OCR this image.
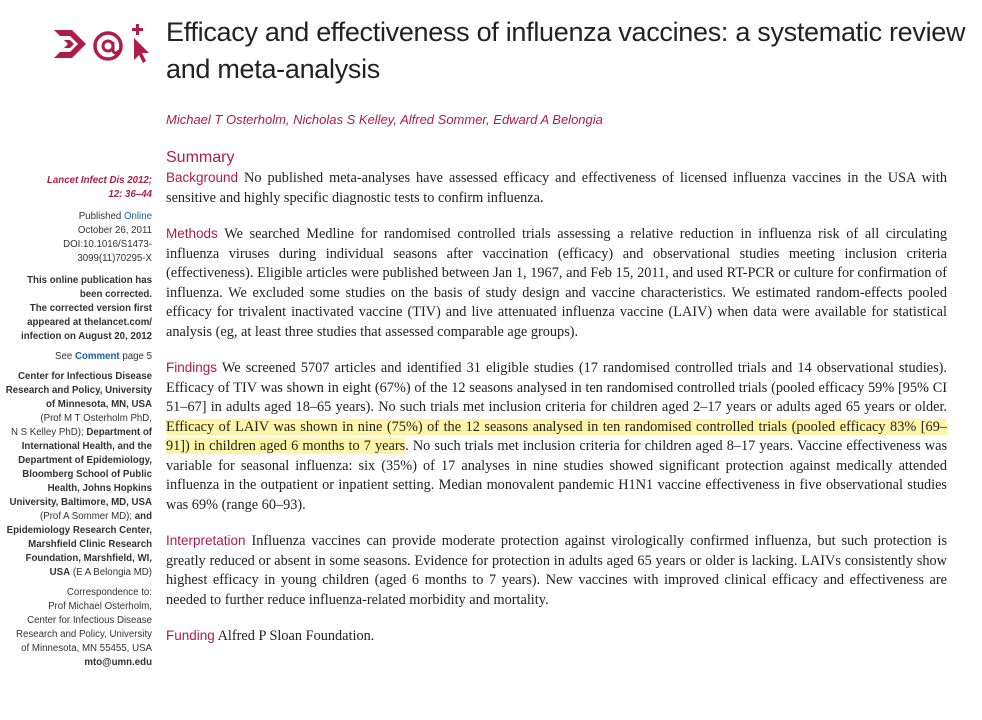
Efficacy and effectiveness of influenza vaccines: a systematic review and meta-analysis

Michael T Osterholm, Nicholas S Kelley, Alfred Sommer, Edward A Belongia

Lancet Infect Dis 2012;
12: 36–44
Published Online
October 26, 2011
DOI:10.1016/S1473-
3099(11)70295-X
This online publication has
been corrected.
The corrected version first
appeared at thelancet.com/
infection on August 20, 2012
See Comment page 5
Center for Infectious Disease
Research and Policy, University
of Minnesota, MN, USA
(Prof M T Osterholm PhD,
N S Kelley PhD); Department of
International Health, and the
Department of Epidemiology,
Bloomberg School of Public
Health, Johns Hopkins
University, Baltimore, MD, USA
(Prof A Sommer MD); and
Epidemiology Research Center,
Marshfield Clinic Research
Foundation, Marshfield, WI,
USA (E A Belongia MD)
Correspondence to:
Prof Michael Osterholm,
Center for Infectious Disease
Research and Policy, University
of Minnesota, MN 55455, USA
mto@umn.edu
Summary

Background No published meta-analyses have assessed efficacy and effectiveness of licensed influenza vaccines in the USA with sensitive and highly specific diagnostic tests to confirm influenza.

Methods We searched Medline for randomised controlled trials assessing a relative reduction in influenza risk of all circulating influenza viruses during individual seasons after vaccination (efficacy) and observational studies meeting inclusion criteria (effectiveness). Eligible articles were published between Jan 1, 1967, and Feb 15, 2011, and used RT-PCR or culture for confirmation of influenza. We excluded some studies on the basis of study design and vaccine characteristics. We estimated random-effects pooled efficacy for trivalent inactivated vaccine (TIV) and live attenuated influenza vaccine (LAIV) when data were available for statistical analysis (eg, at least three studies that assessed comparable age groups).

Findings We screened 5707 articles and identified 31 eligible studies (17 randomised controlled trials and 14 observational studies). Efficacy of TIV was shown in eight (67%) of the 12 seasons analysed in ten randomised controlled trials (pooled efficacy 59% [95% CI 51–67] in adults aged 18–65 years). No such trials met inclusion criteria for children aged 2–17 years or adults aged 65 years or older. Efficacy of LAIV was shown in nine (75%) of the 12 seasons analysed in ten randomised controlled trials (pooled efficacy 83% [69–91]) in children aged 6 months to 7 years. No such trials met inclusion criteria for children aged 8–17 years. Vaccine effectiveness was variable for seasonal influenza: six (35%) of 17 analyses in nine studies showed significant protection against medically attended influenza in the outpatient or inpatient setting. Median monovalent pandemic H1N1 vaccine effectiveness in five observational studies was 69% (range 60–93).

Interpretation Influenza vaccines can provide moderate protection against virologically confirmed influenza, but such protection is greatly reduced or absent in some seasons. Evidence for protection in adults aged 65 years or older is lacking. LAIVs consistently show highest efficacy in young children (aged 6 months to 7 years). New vaccines with improved clinical efficacy and effectiveness are needed to further reduce influenza-related morbidity and mortality.

Funding Alfred P Sloan Foundation.
